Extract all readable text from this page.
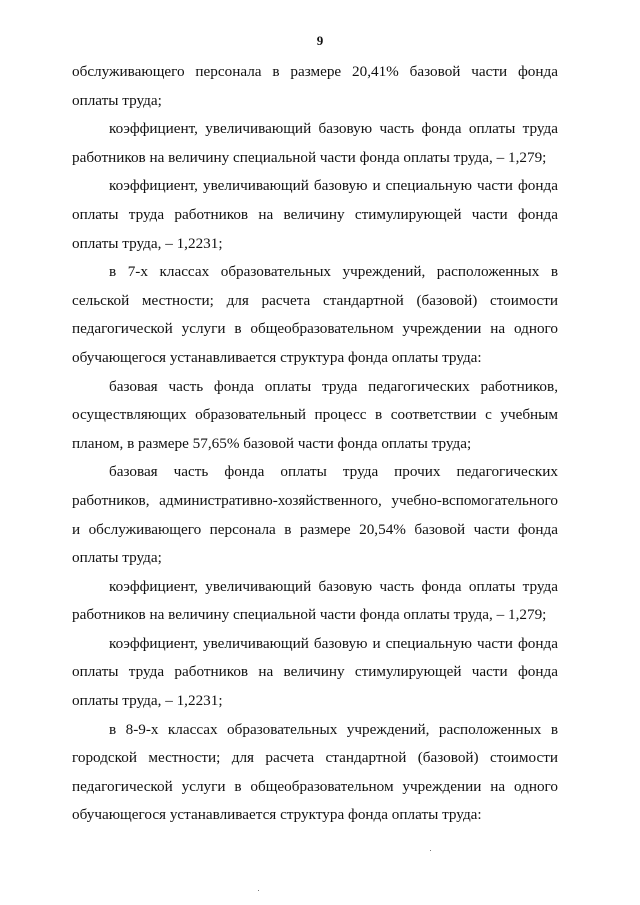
9

обслуживающего персонала в размере 20,41% базовой части фонда оплаты труда;

коэффициент, увеличивающий базовую часть фонда оплаты труда работников на величину специальной части фонда оплаты труда, – 1,279;

коэффициент, увеличивающий базовую и специальную части фонда оплаты труда работников на величину стимулирующей части фонда оплаты труда, – 1,2231;

в 7-х классах образовательных учреждений, расположенных в сельской местности; для расчета стандартной (базовой) стоимости педагогической услуги в общеобразовательном учреждении на одного обучающегося устанавливается структура фонда оплаты труда:

базовая часть фонда оплаты труда педагогических работников, осуществляющих образовательный процесс в соответствии с учебным планом, в размере 57,65% базовой части фонда оплаты труда;

базовая часть фонда оплаты труда прочих педагогических работников, административно-хозяйственного, учебно-вспомогательного и обслуживающего персонала в размере 20,54% базовой части фонда оплаты труда;

коэффициент, увеличивающий базовую часть фонда оплаты труда работников на величину специальной части фонда оплаты труда, – 1,279;

коэффициент, увеличивающий базовую и специальную части фонда оплаты труда работников на величину стимулирующей части фонда оплаты труда, – 1,2231;

в 8-9-х классах образовательных учреждений, расположенных в городской местности; для расчета стандартной (базовой) стоимости педагогической услуги в общеобразовательном учреждении на одного обучающегося устанавливается структура фонда оплаты труда:
